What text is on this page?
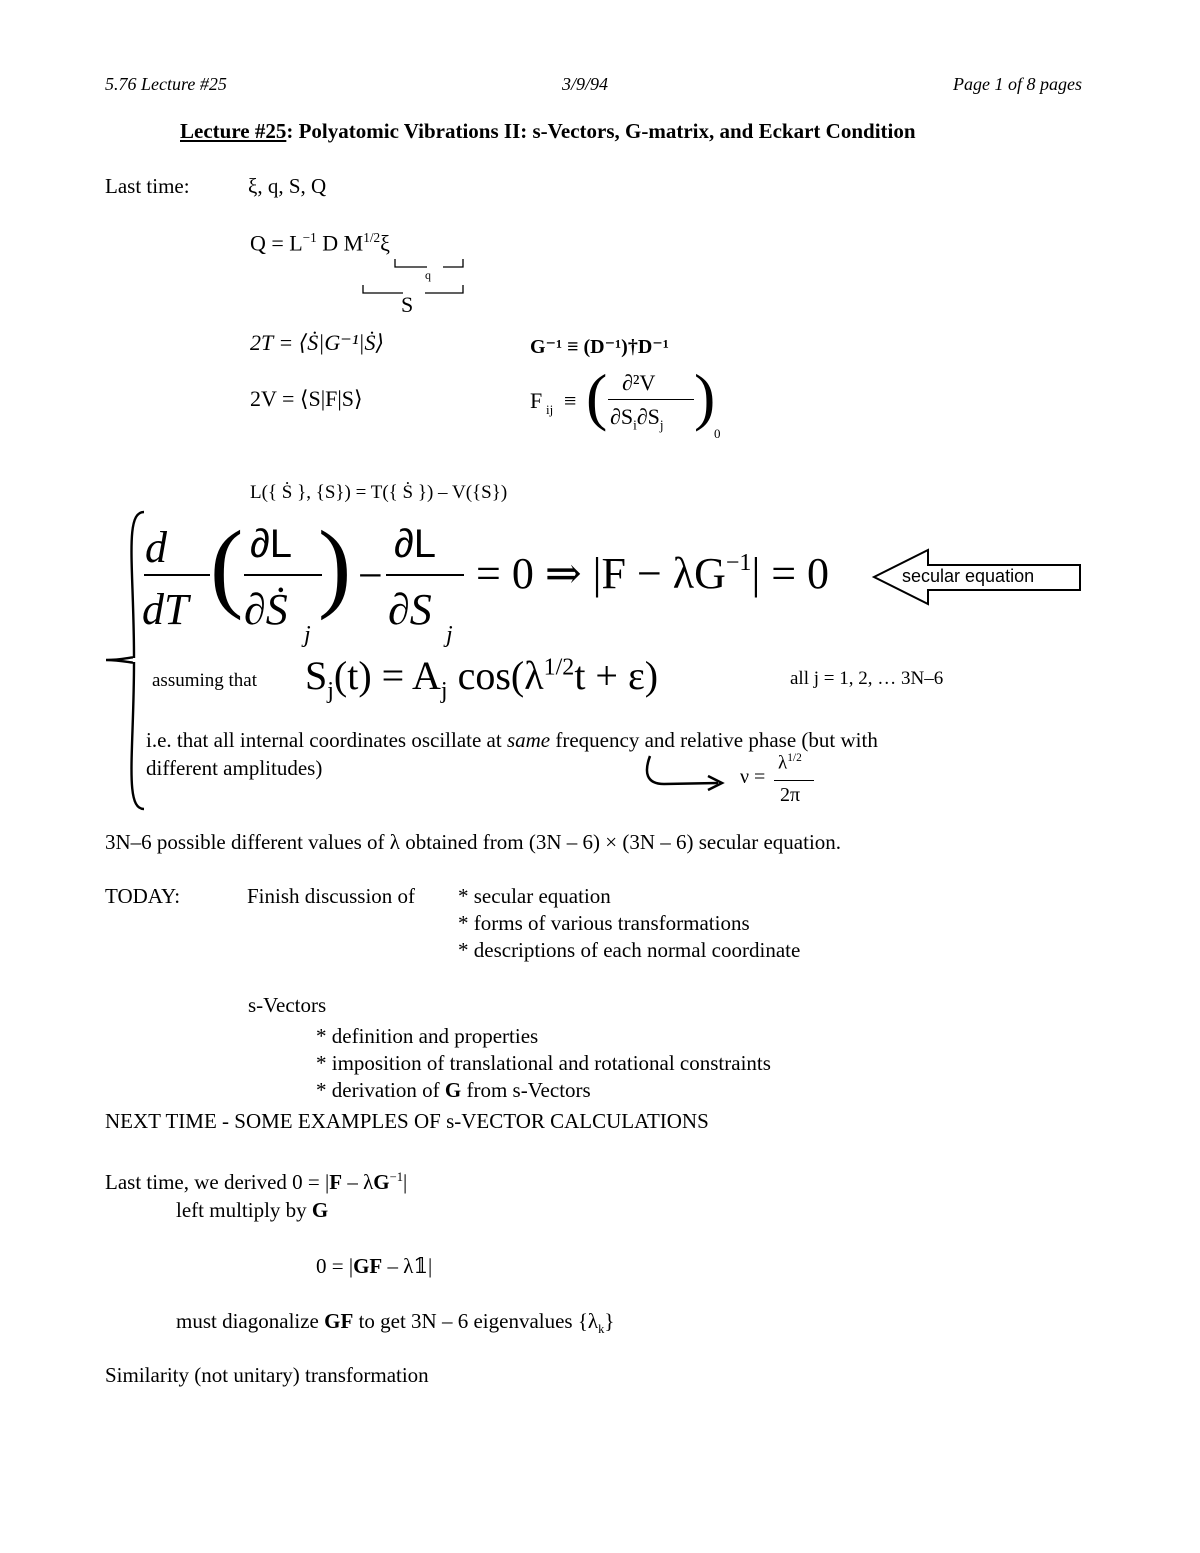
5.76 Lecture #25	3/9/94	Page 1 of 8 pages
Lecture #25: Polyatomic Vibrations II: s-Vectors, G-matrix, and Eckart Condition
Last time:	ξ, q, S, Q
$Q = L^{-1}$ D $M^{1/2}\xi$
q
S
2T = ⟨Ṡ|G⁻¹|Ṡ⟩	G⁻¹ ≡ (D⁻¹)†D⁻¹
2V = ⟨S|F|S⟩	F ij ≡ ( ∂²V
$\partial S_i\partial S_j$ )
0
L({ Ṡ }, {S}) = T({ Ṡ }) – V({S})
d
dT ( ∂L
∂Ṡ
j
) −
∂L
∂S
j
= 0 ⇒ $|F - \lambda G^{-1}| = 0$	secular equation
assuming that $S_j(t) = A_j$ $\cos(\lambda^{1/2}t + \varepsilon)$	all j = 1, 2, … 3N–6
i.e. that all internal coordinates oscillate at same frequency and relative phase (but with
different amplitudes)	ν =
$\lambda^{1/2}$
2π
3N–6 possible different values of λ obtained from (3N – 6) × (3N – 6) secular equation.
TODAY:	Finish discussion of * secular equation
* forms of various transformations
* descriptions of each normal coordinate
s-Vectors
* definition and properties
* imposition of translational and rotational constraints
* derivation of G from s-Vectors
NEXT TIME - SOME EXAMPLES OF s-VECTOR CALCULATIONS
Last time, we derived $0 = |F - \lambda G^{-1}|$
left multiply by G
0 = |GF – λ𝟙|
must diagonalize GF to get 3N – 6 eigenvalues $\{\lambda_k\}$
Similarity (not unitary) transformation
